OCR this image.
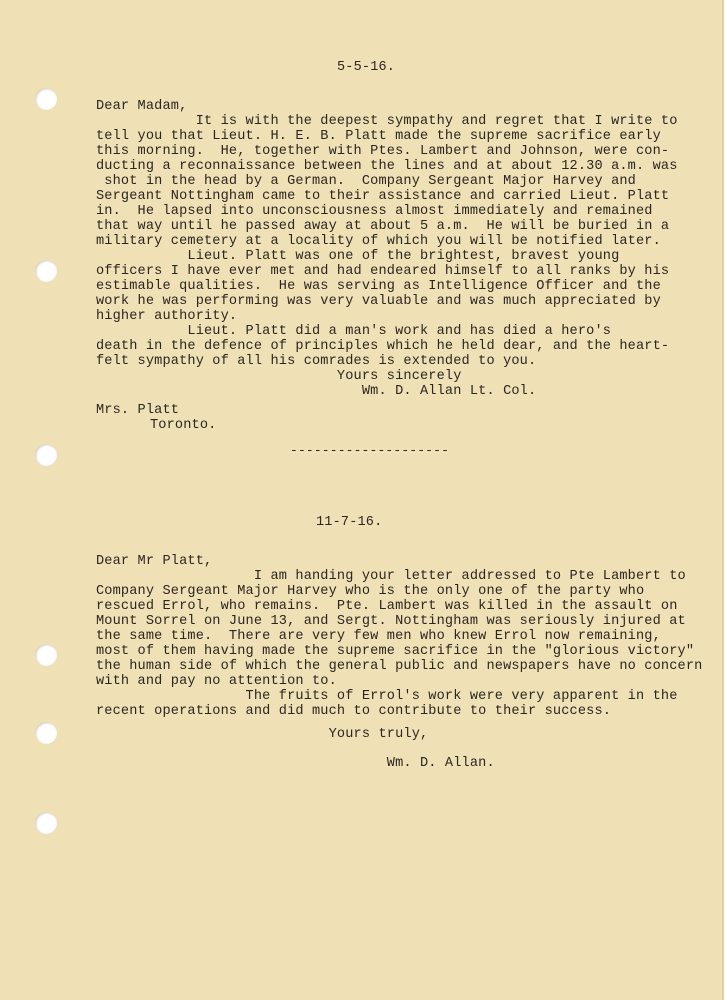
5-5-16.
Dear Madam,
It is with the deepest sympathy and regret that I write to
tell you that Lieut. H. E. B. Platt made the supreme sacrifice early
this morning.  He, together with Ptes. Lambert and Johnson, were con-
ducting a reconnaissance between the lines and at about 12.30 a.m. was
shot in the head by a German.  Company Sergeant Major Harvey and
Sergeant Nottingham came to their assistance and carried Lieut. Platt
in.  He lapsed into unconsciousness almost immediately and remained
that way until he passed away at about 5 a.m.  He will be buried in a
military cemetery at a locality of which you will be notified later.
Lieut. Platt was one of the brightest, bravest young
officers I have ever met and had endeared himself to all ranks by his
estimable qualities.  He was serving as Intelligence Officer and the
work he was performing was very valuable and was much appreciated by
higher authority.
Lieut. Platt did a man's work and has died a hero's
death in the defence of principles which he held dear, and the heart-
felt sympathy of all his comrades is extended to you.
Yours sincerely
Wm. D. Allan Lt. Col.
Mrs. Platt
Toronto.
--------------------
11-7-16.
Dear Mr Platt,
I am handing your letter addressed to Pte Lambert to
Company Sergeant Major Harvey who is the only one of the party who
rescued Errol, who remains.  Pte. Lambert was killed in the assault on
Mount Sorrel on June 13, and Sergt. Nottingham was seriously injured at
the same time.  There are very few men who knew Errol now remaining,
most of them having made the supreme sacrifice in the "glorious victory"
the human side of which the general public and newspapers have no concern
with and pay no attention to.
The fruits of Errol's work were very apparent in the
recent operations and did much to contribute to their success.
Yours truly,
Wm. D. Allan.
